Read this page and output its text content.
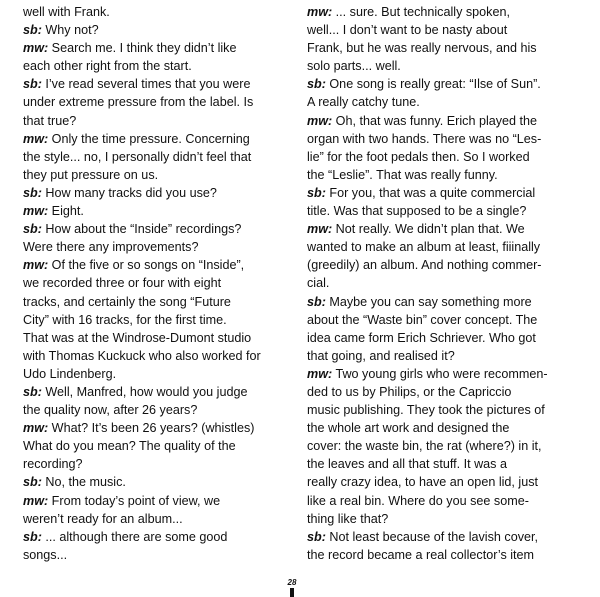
well with Frank.
sb: Why not?
mw: Search me. I think they didn’t like
each other right from the start.
sb: I’ve read several times that you were
under extreme pressure from the label. Is
that true?
mw: Only the time pressure. Concerning
the style... no, I personally didn’t feel that
they put pressure on us.
sb: How many tracks did you use?
mw: Eight.
sb: How about the “Inside” recordings?
Were there any improvements?
mw: Of the five or so songs on “Inside”,
we recorded three or four with eight
tracks, and certainly the song “Future
City” with 16 tracks, for the first time.
That was at the Windrose-Dumont studio
with Thomas Kuckuck who also worked for
Udo Lindenberg.
sb: Well, Manfred, how would you judge
the quality now, after 26 years?
mw: What? It’s been 26 years? (whistles)
What do you mean? The quality of the
recording?
sb: No, the music.
mw: From today’s point of view, we
weren’t ready for an album...
sb: ... although there are some good
songs...
mw: ... sure. But technically spoken,
well... I don’t want to be nasty about
Frank, but he was really nervous, and his
solo parts... well.
sb: One song is really great: “Ilse of Sun”.
A really catchy tune.
mw: Oh, that was funny. Erich played the
organ with two hands. There was no “Les-
lie” for the foot pedals then. So I worked
the “Leslie”. That was really funny.
sb: For you, that was a quite commercial
title. Was that supposed to be a single?
mw: Not really. We didn’t plan that. We
wanted to make an album at least, fiiinally
(greedily) an album. And nothing commer-
cial.
sb: Maybe you can say something more
about the “Waste bin” cover concept. The
idea came form Erich Schriever. Who got
that going, and realised it?
mw: Two young girls who were recommen-
ded to us by Philips, or the Capriccio
music publishing. They took the pictures of
the whole art work and designed the
cover: the waste bin, the rat (where?) in it,
the leaves and all that stuff. It was a
really crazy idea, to have an open lid, just
like a real bin. Where do you see some-
thing like that?
sb: Not least because of the lavish cover,
the record became a real collector’s item
28
